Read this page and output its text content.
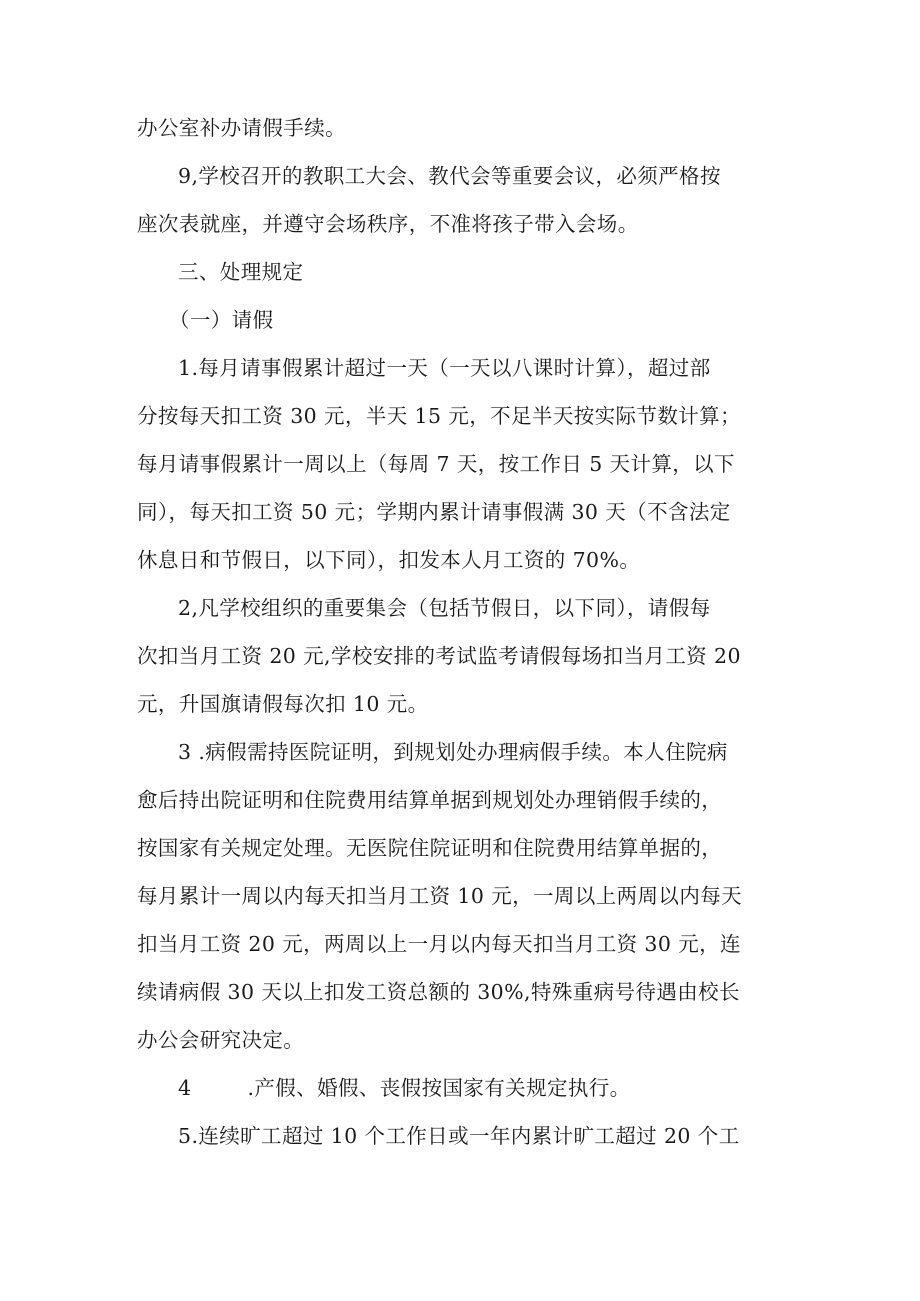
办公室补办请假手续。
9,学校召开的教职工大会、教代会等重要会议，必须严格按
座次表就座，并遵守会场秩序，不准将孩子带入会场。
三、处理规定
（一）请假
1.每月请事假累计超过一天（一天以八课时计算），超过部
分按每天扣工资 30 元，半天 15 元，不足半天按实际节数计算；
每月请事假累计一周以上（每周 7 天，按工作日 5 天计算，以下
同），每天扣工资 50 元；学期内累计请事假满 30 天（不含法定
休息日和节假日，以下同），扣发本人月工资的 70%。
2,凡学校组织的重要集会（包括节假日，以下同），请假每
次扣当月工资 20 元,学校安排的考试监考请假每场扣当月工资 20
元，升国旗请假每次扣 10 元。
3 .病假需持医院证明，到规划处办理病假手续。本人住院病
愈后持出院证明和住院费用结算单据到规划处办理销假手续的，
按国家有关规定处理。无医院住院证明和住院费用结算单据的，
每月累计一周以内每天扣当月工资 10 元，一周以上两周以内每天
扣当月工资 20 元，两周以上一月以内每天扣当月工资 30 元，连
续请病假 30 天以上扣发工资总额的 30%,特殊重病号待遇由校长
办公会研究决定。
4	.产假、婚假、丧假按国家有关规定执行。
5.连续旷工超过 10 个工作日或一年内累计旷工超过 20 个工
